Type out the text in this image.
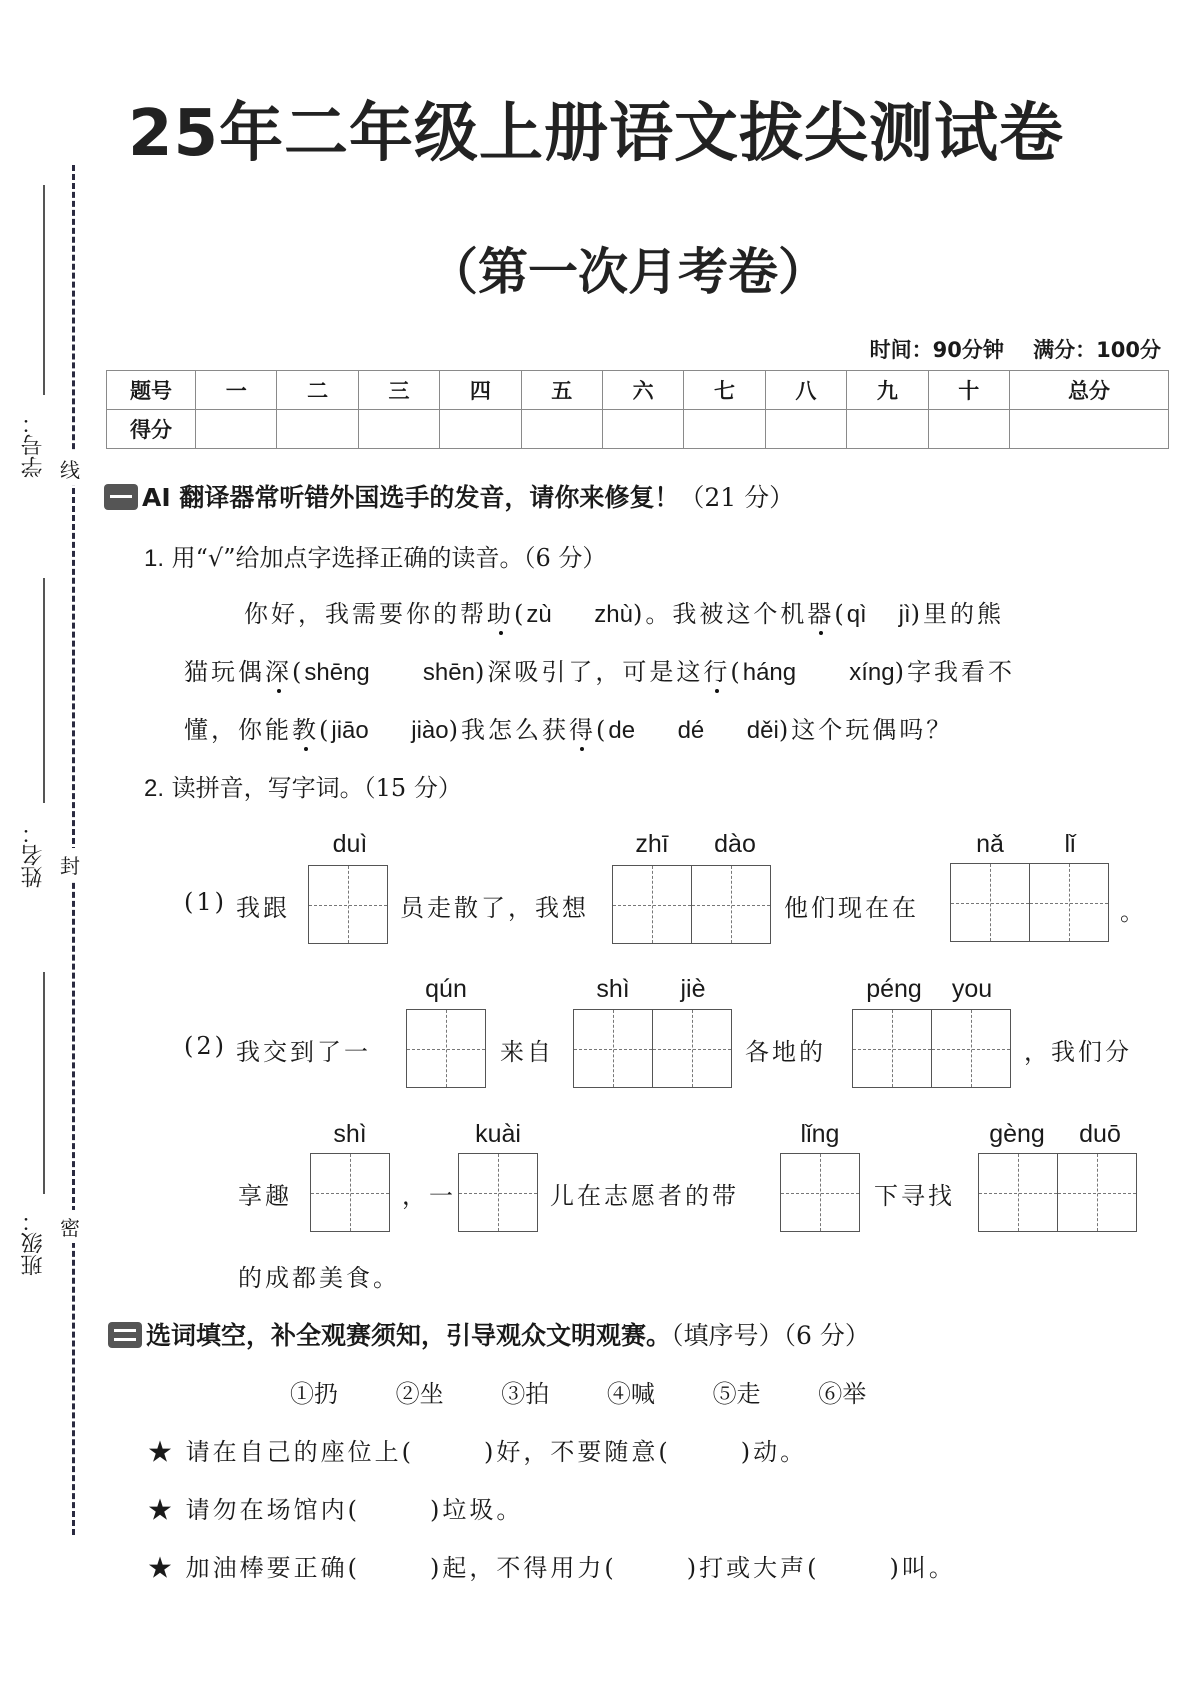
25年二年级上册语文拔尖测试卷
（第一次月考卷）
时间：90分钟 满分：100分
题号	一	二	三	四	五	六	七	八	九	十	总分
得分											
线
封
密
学号：
姓名：
班级：
AI 翻译器常听错外国选手的发音，请你来修复！（21 分）
1. 用“√”给加点字选择正确的读音。（6 分）
你好，我需要你的帮助(zù zhù)。我被这个机器(qì jì)里的熊
猫玩偶深(shēng shēn)深吸引了，可是这行(háng xíng)字我看不
懂，你能教(jiāo jiào)我怎么获得(de dé děi)这个玩偶吗？
2. 读拼音，写字词。（15 分）
duì	zhī	dào	nǎ	lǐ
(1) 我跟	员走散了，我想	他们现在在	。
qún	shì	jiè	péng	you
(2) 我交到了一	来自	各地的	，我们分
shì	kuài	lǐng	gèng	duō
享趣	，一	儿在志愿者的带	下寻找
的成都美食。
选词填空，补全观赛须知，引导观众文明观赛。（填序号）（6 分）
①扔 ②坐 ③拍 ④喊 ⑤走 ⑥举
★ 请在自己的座位上(	)好，不要随意(	)动。
★ 请勿在场馆内(	)垃圾。
★ 加油棒要正确(	)起，不得用力(	)打或大声(	)叫。
